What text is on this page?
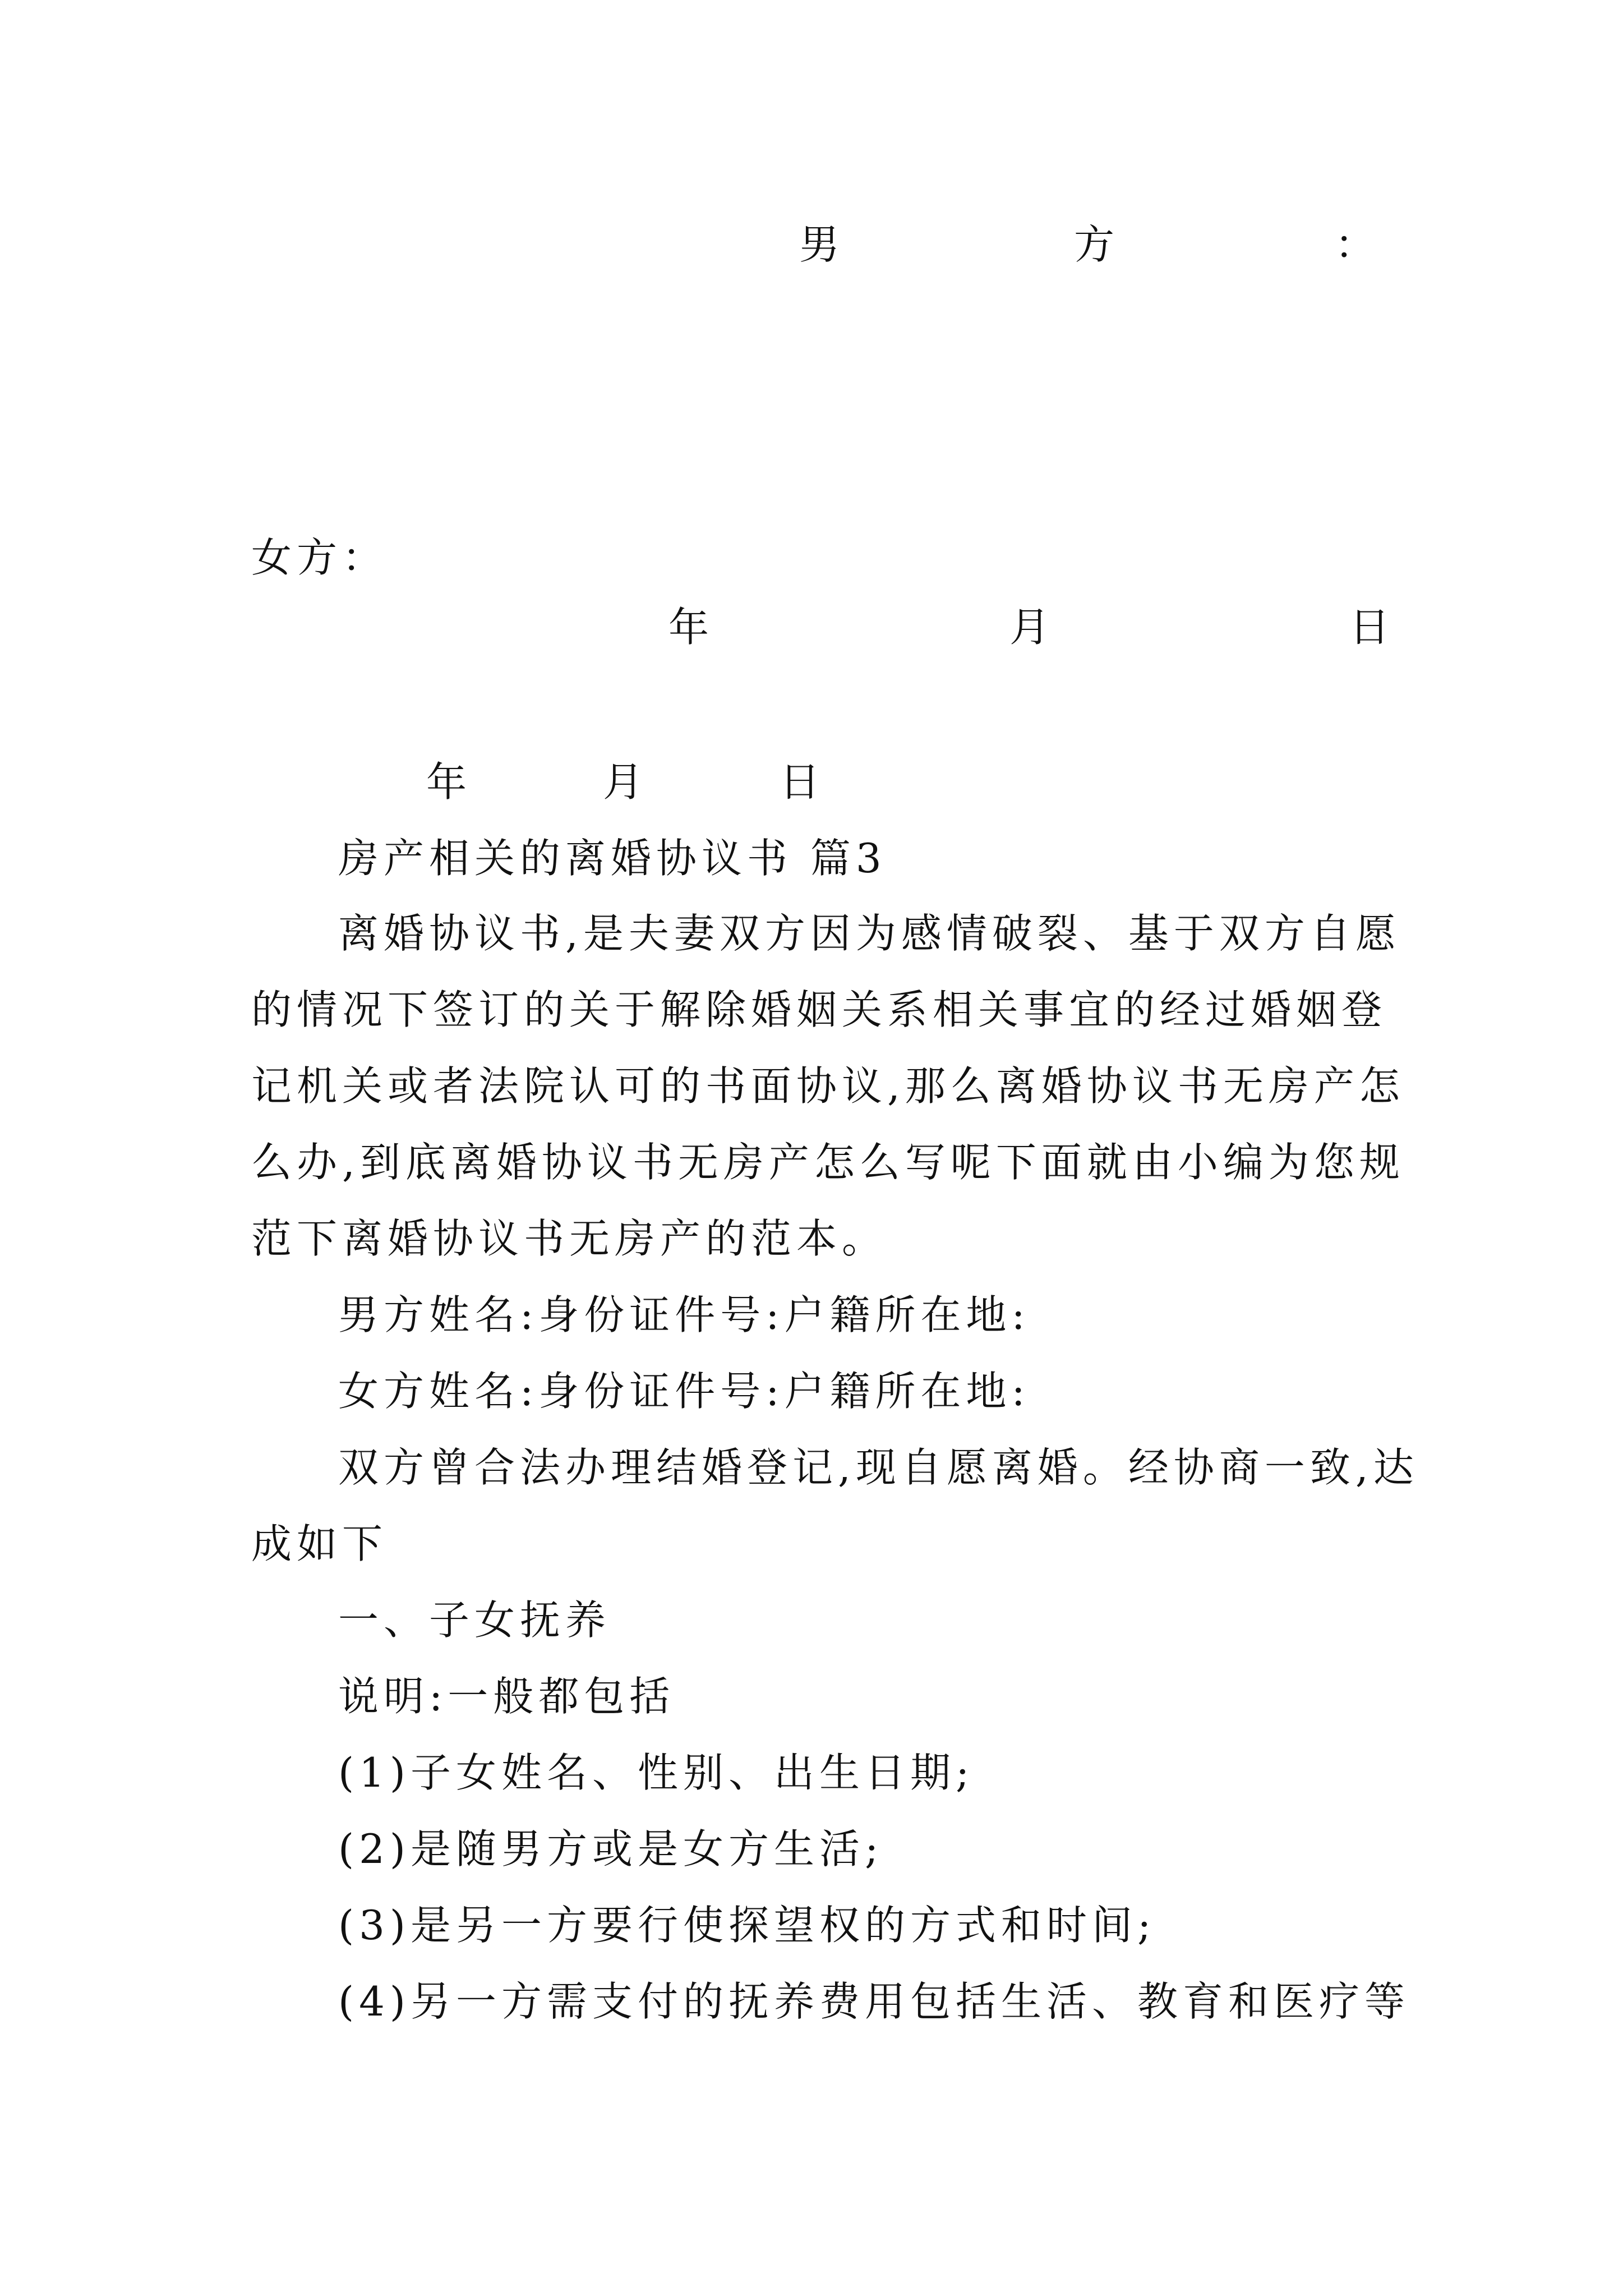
男	方	：
女方：
年	月	日
年	月	日
房产相关的离婚协议书 篇3
离婚协议书,是夫妻双方因为感情破裂、基于双方自愿
的情况下签订的关于解除婚姻关系相关事宜的经过婚姻登
记机关或者法院认可的书面协议,那么离婚协议书无房产怎
么办,到底离婚协议书无房产怎么写呢下面就由小编为您规
范下离婚协议书无房产的范本。
男方姓名:身份证件号:户籍所在地:
女方姓名:身份证件号:户籍所在地:
双方曾合法办理结婚登记,现自愿离婚。经协商一致,达
成如下
一、子女抚养
说明:一般都包括
(1)子女姓名、性别、出生日期;
(2)是随男方或是女方生活;
(3)是另一方要行使探望权的方式和时间;
(4)另一方需支付的抚养费用包括生活、教育和医疗等
